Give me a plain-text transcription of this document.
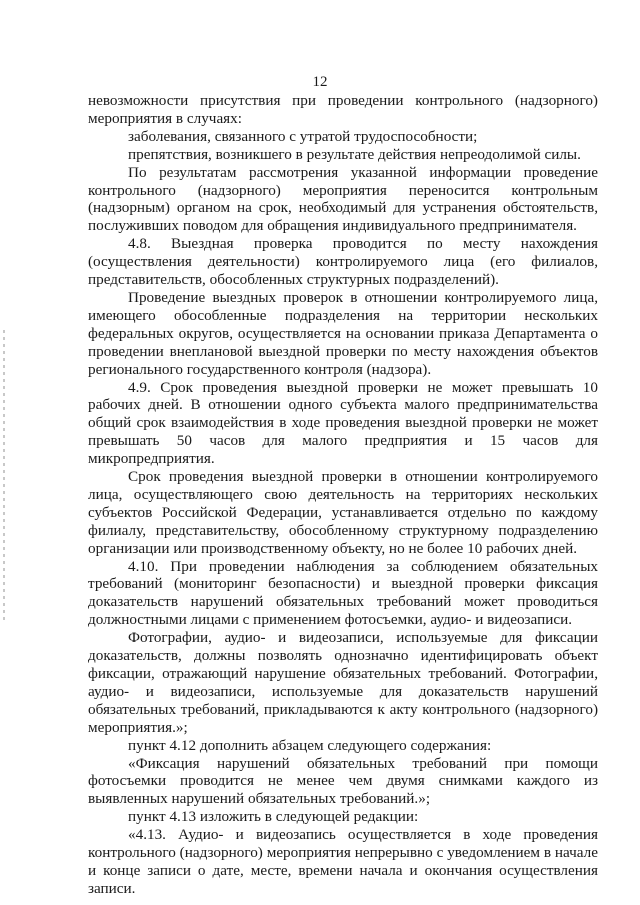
12

невозможности присутствия при проведении контрольного (надзорного) мероприятия в случаях:

заболевания, связанного с утратой трудоспособности;

препятствия, возникшего в результате действия непреодолимой силы.

По результатам рассмотрения указанной информации проведение контрольного (надзорного) мероприятия переносится контрольным (надзорным) органом на срок, необходимый для устранения обстоятельств, послуживших поводом для обращения индивидуального предпринимателя.

4.8. Выездная проверка проводится по месту нахождения (осуществления деятельности) контролируемого лица (его филиалов, представительств, обособленных структурных подразделений).

Проведение выездных проверок в отношении контролируемого лица, имеющего обособленные подразделения на территории нескольких федеральных округов, осуществляется на основании приказа Департамента о проведении внеплановой выездной проверки по месту нахождения объектов регионального государственного контроля (надзора).

4.9. Срок проведения выездной проверки не может превышать 10 рабочих дней. В отношении одного субъекта малого предпринимательства общий срок взаимодействия в ходе проведения выездной проверки не может превышать 50 часов для малого предприятия и 15 часов для микропредприятия.

Срок проведения выездной проверки в отношении контролируемого лица, осуществляющего свою деятельность на территориях нескольких субъектов Российской Федерации, устанавливается отдельно по каждому филиалу, представительству, обособленному структурному подразделению организации или производственному объекту, но не более 10 рабочих дней.

4.10. При проведении наблюдения за соблюдением обязательных требований (мониторинг безопасности) и выездной проверки фиксация доказательств нарушений обязательных требований может проводиться должностными лицами с применением фотосъемки, аудио- и видеозаписи.

Фотографии, аудио- и видеозаписи, используемые для фиксации доказательств, должны позволять однозначно идентифицировать объект фиксации, отражающий нарушение обязательных требований. Фотографии, аудио- и видеозаписи, используемые для доказательств нарушений обязательных требований, прикладываются к акту контрольного (надзорного) мероприятия.»;

пункт 4.12 дополнить абзацем следующего содержания:

«Фиксация нарушений обязательных требований при помощи фотосъемки проводится не менее чем двумя снимками каждого из выявленных нарушений обязательных требований.»;

пункт 4.13 изложить в следующей редакции:

«4.13. Аудио- и видеозапись осуществляется в ходе проведения контрольного (надзорного) мероприятия непрерывно с уведомлением в начале и конце записи о дате, месте, времени начала и окончания осуществления записи.
